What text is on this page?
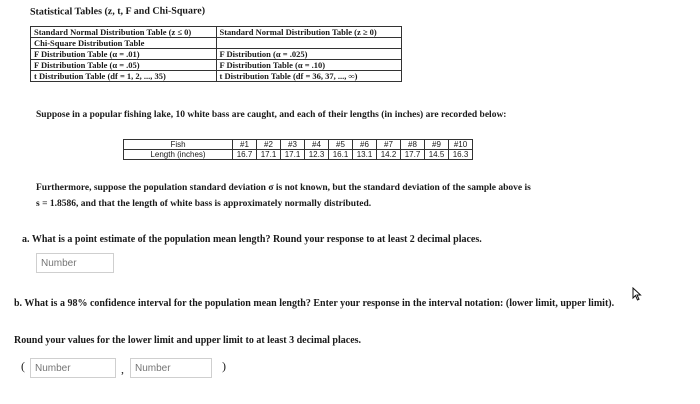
Statistical Tables (z, t, F and Chi-Square)
Standard Normal Distribution Table (z ≤ 0)	Standard Normal Distribution Table (z ≥ 0)
Chi-Square Distribution Table	
F Distribution Table (α = .01)	F Distribution (α = .025)
F Distribution Table (α = .05)	F Distribution Table (α = .10)
t Distribution Table (df = 1, 2, ..., 35)	t Distribution Table (df = 36, 37, ..., ∞)
Suppose in a popular fishing lake, 10 white bass are caught, and each of their lengths (in inches) are recorded below:
Fish	#1	#2	#3	#4	#5	#6	#7	#8	#9	#10
Length (inches)	16.7	17.1	17.1	12.3	16.1	13.1	14.2	17.7	14.5	16.3
Furthermore, suppose the population standard deviation σ is not known, but the standard deviation of the sample above is
s = 1.8586, and that the length of white bass is approximately normally distributed.
a. What is a point estimate of the population mean length? Round your response to at least 2 decimal places.
Number
b. What is a 98% confidence interval for the population mean length? Enter your response in the interval notation: (lower limit, upper limit).
Round your values for the lower limit and upper limit to at least 3 decimal places.
(
Number	,
Number	)
